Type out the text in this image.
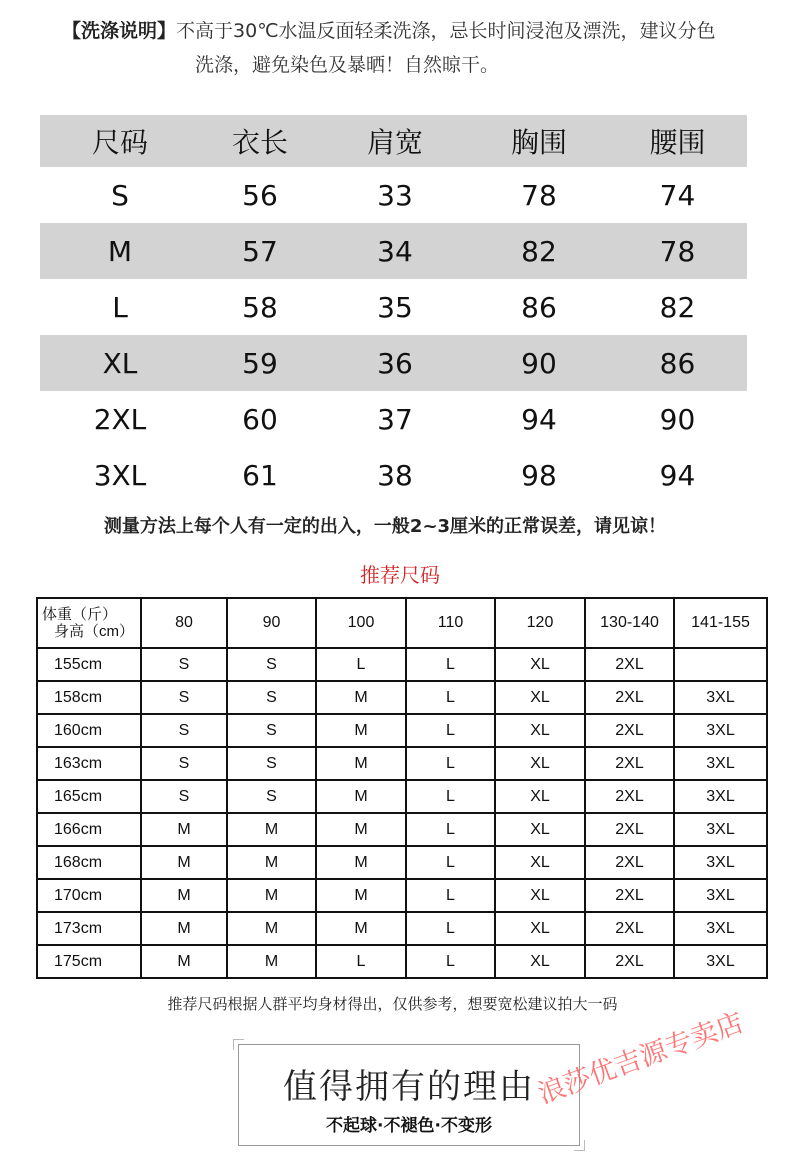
【洗涤说明】不高于30℃水温反面轻柔洗涤，忌长时间浸泡及漂洗，建议分色
洗涤，避免染色及暴晒！自然晾干。
尺码	衣长	肩宽	胸围	腰围
S	56	33	78	74
M	57	34	82	78
L	58	35	86	82
XL	59	36	90	86
2XL	60	37	94	90
3XL	61	38	98	94
测量方法上每个人有一定的出入，一般2~3厘米的正常误差，请见谅！
推荐尺码
体重（斤）
身高（cm）	80	90	100	110	120	130-140	141-155
155cm	S	S	L	L	XL	2XL	
158cm	S	S	M	L	XL	2XL	3XL
160cm	S	S	M	L	XL	2XL	3XL
163cm	S	S	M	L	XL	2XL	3XL
165cm	S	S	M	L	XL	2XL	3XL
166cm	M	M	M	L	XL	2XL	3XL
168cm	M	M	M	L	XL	2XL	3XL
170cm	M	M	M	L	XL	2XL	3XL
173cm	M	M	M	L	XL	2XL	3XL
175cm	M	M	L	L	XL	2XL	3XL
推荐尺码根据人群平均身材得出，仅供参考，想要宽松建议拍大一码
值得拥有的理由
不起球·不褪色·不变形
浪莎优吉源专卖店
